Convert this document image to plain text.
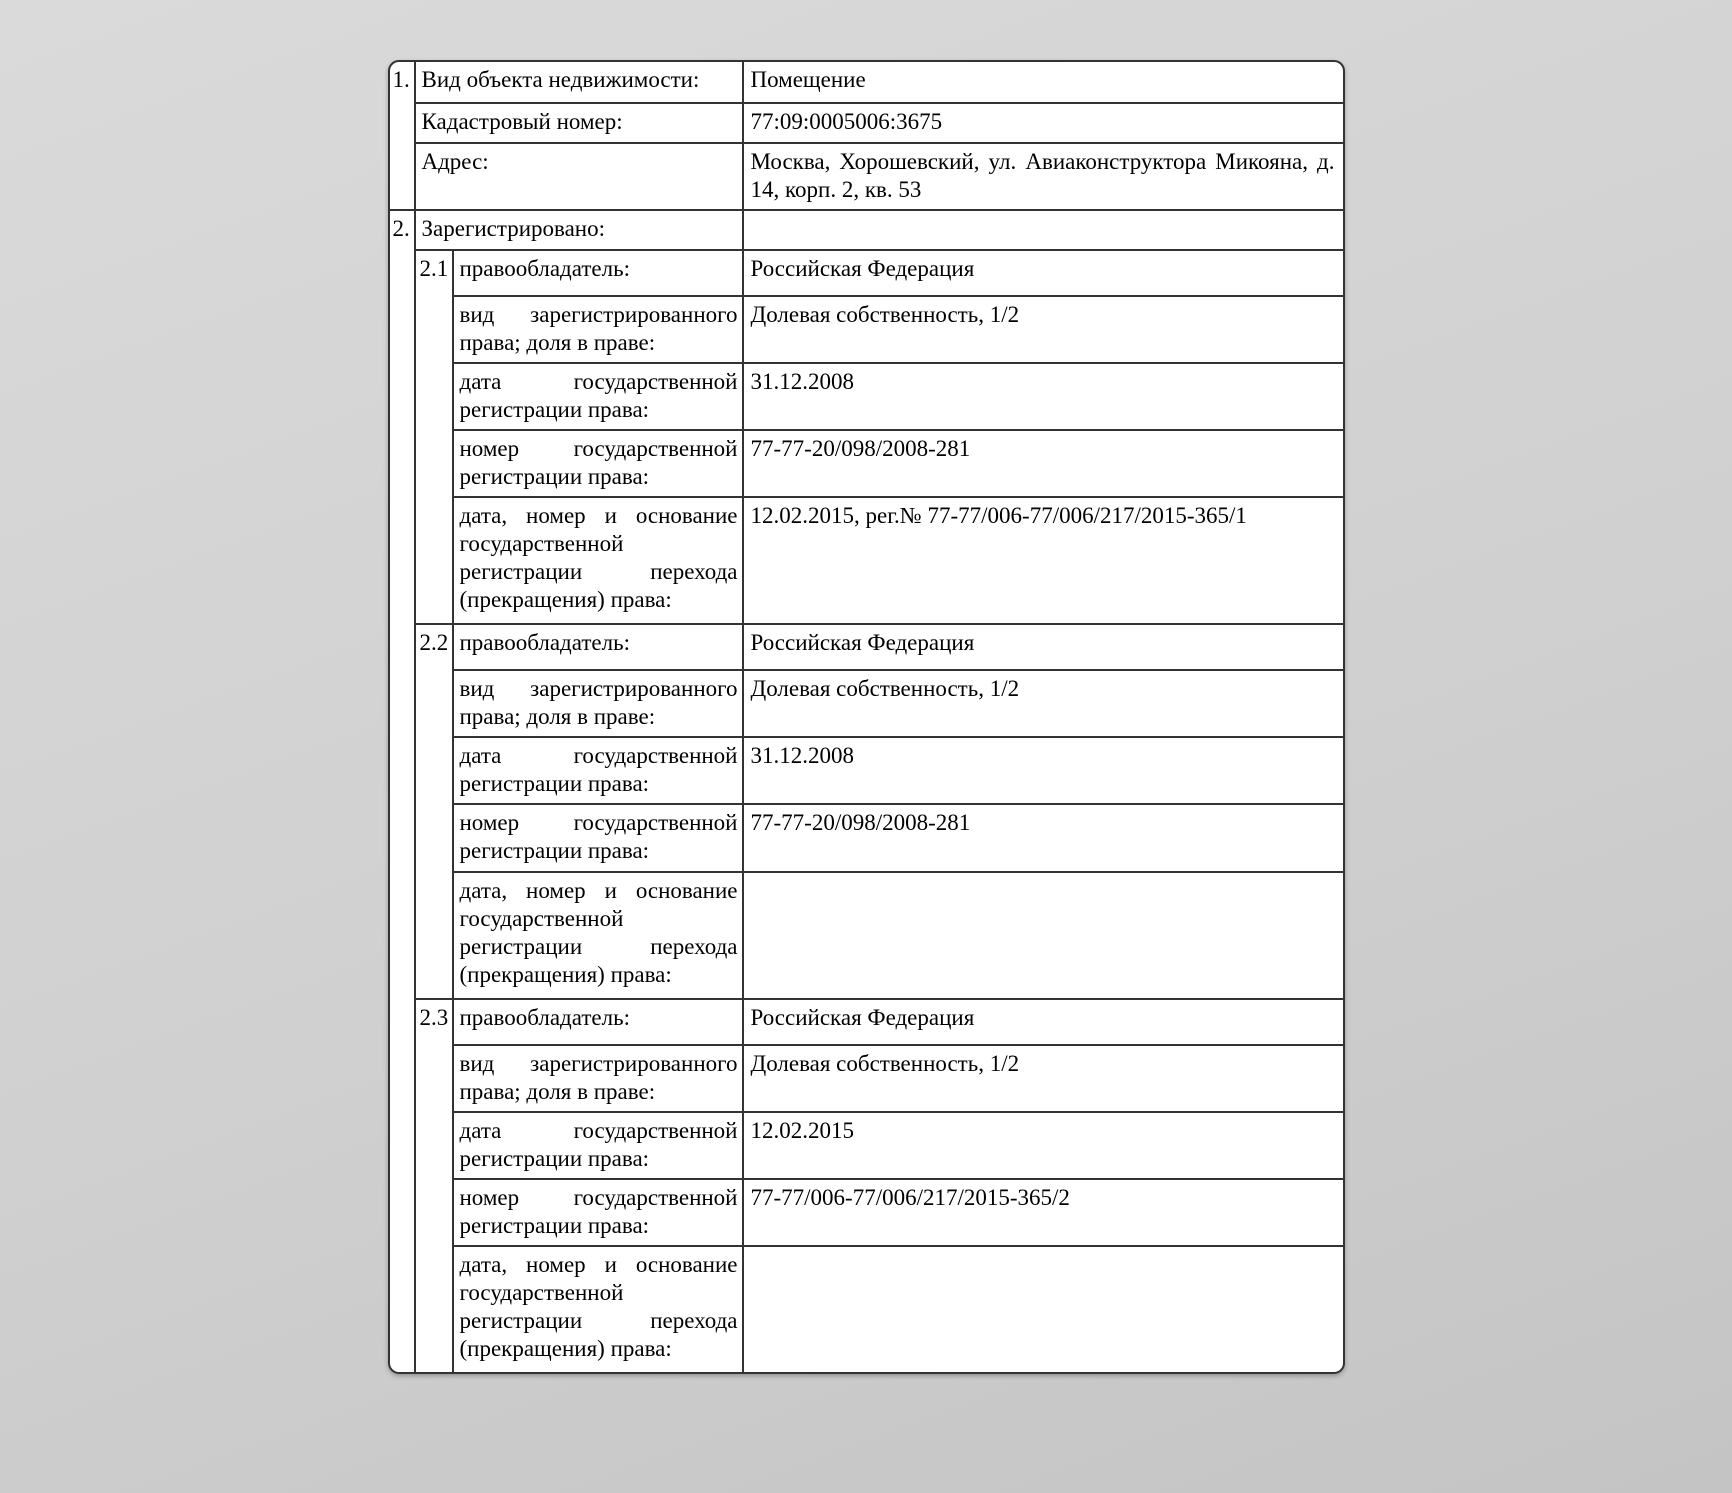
1.	Вид объекта недвижимости:		Помещение
	Кадастровый номер:		77:09:0005006:3675
	Адрес:		Москва, Хорошевский, ул. Авиаконструктора Микояна, д. 14, корп. 2, кв. 53
2.	Зарегистрировано:		
	2.1	правообладатель:	Российская Федерация
		вид зарегистрированного права; доля в праве:	Долевая собственность, 1/2
		дата государственной регистрации права:	31.12.2008
		номер государственной регистрации права:	77-77-20/098/2008-281
		дата, номер и основание государственной регистрации перехода (прекращения) права:	12.02.2015, рег.№ 77-77/006-77/006/217/2015-365/1
	2.2	правообладатель:	Российская Федерация
		вид зарегистрированного права; доля в праве:	Долевая собственность, 1/2
		дата государственной регистрации права:	31.12.2008
		номер государственной регистрации права:	77-77-20/098/2008-281
		дата, номер и основание государственной регистрации перехода (прекращения) права:	
	2.3	правообладатель:	Российская Федерация
		вид зарегистрированного права; доля в праве:	Долевая собственность, 1/2
		дата государственной регистрации права:	12.02.2015
		номер государственной регистрации права:	77-77/006-77/006/217/2015-365/2
		дата, номер и основание государственной регистрации перехода (прекращения) права:	
